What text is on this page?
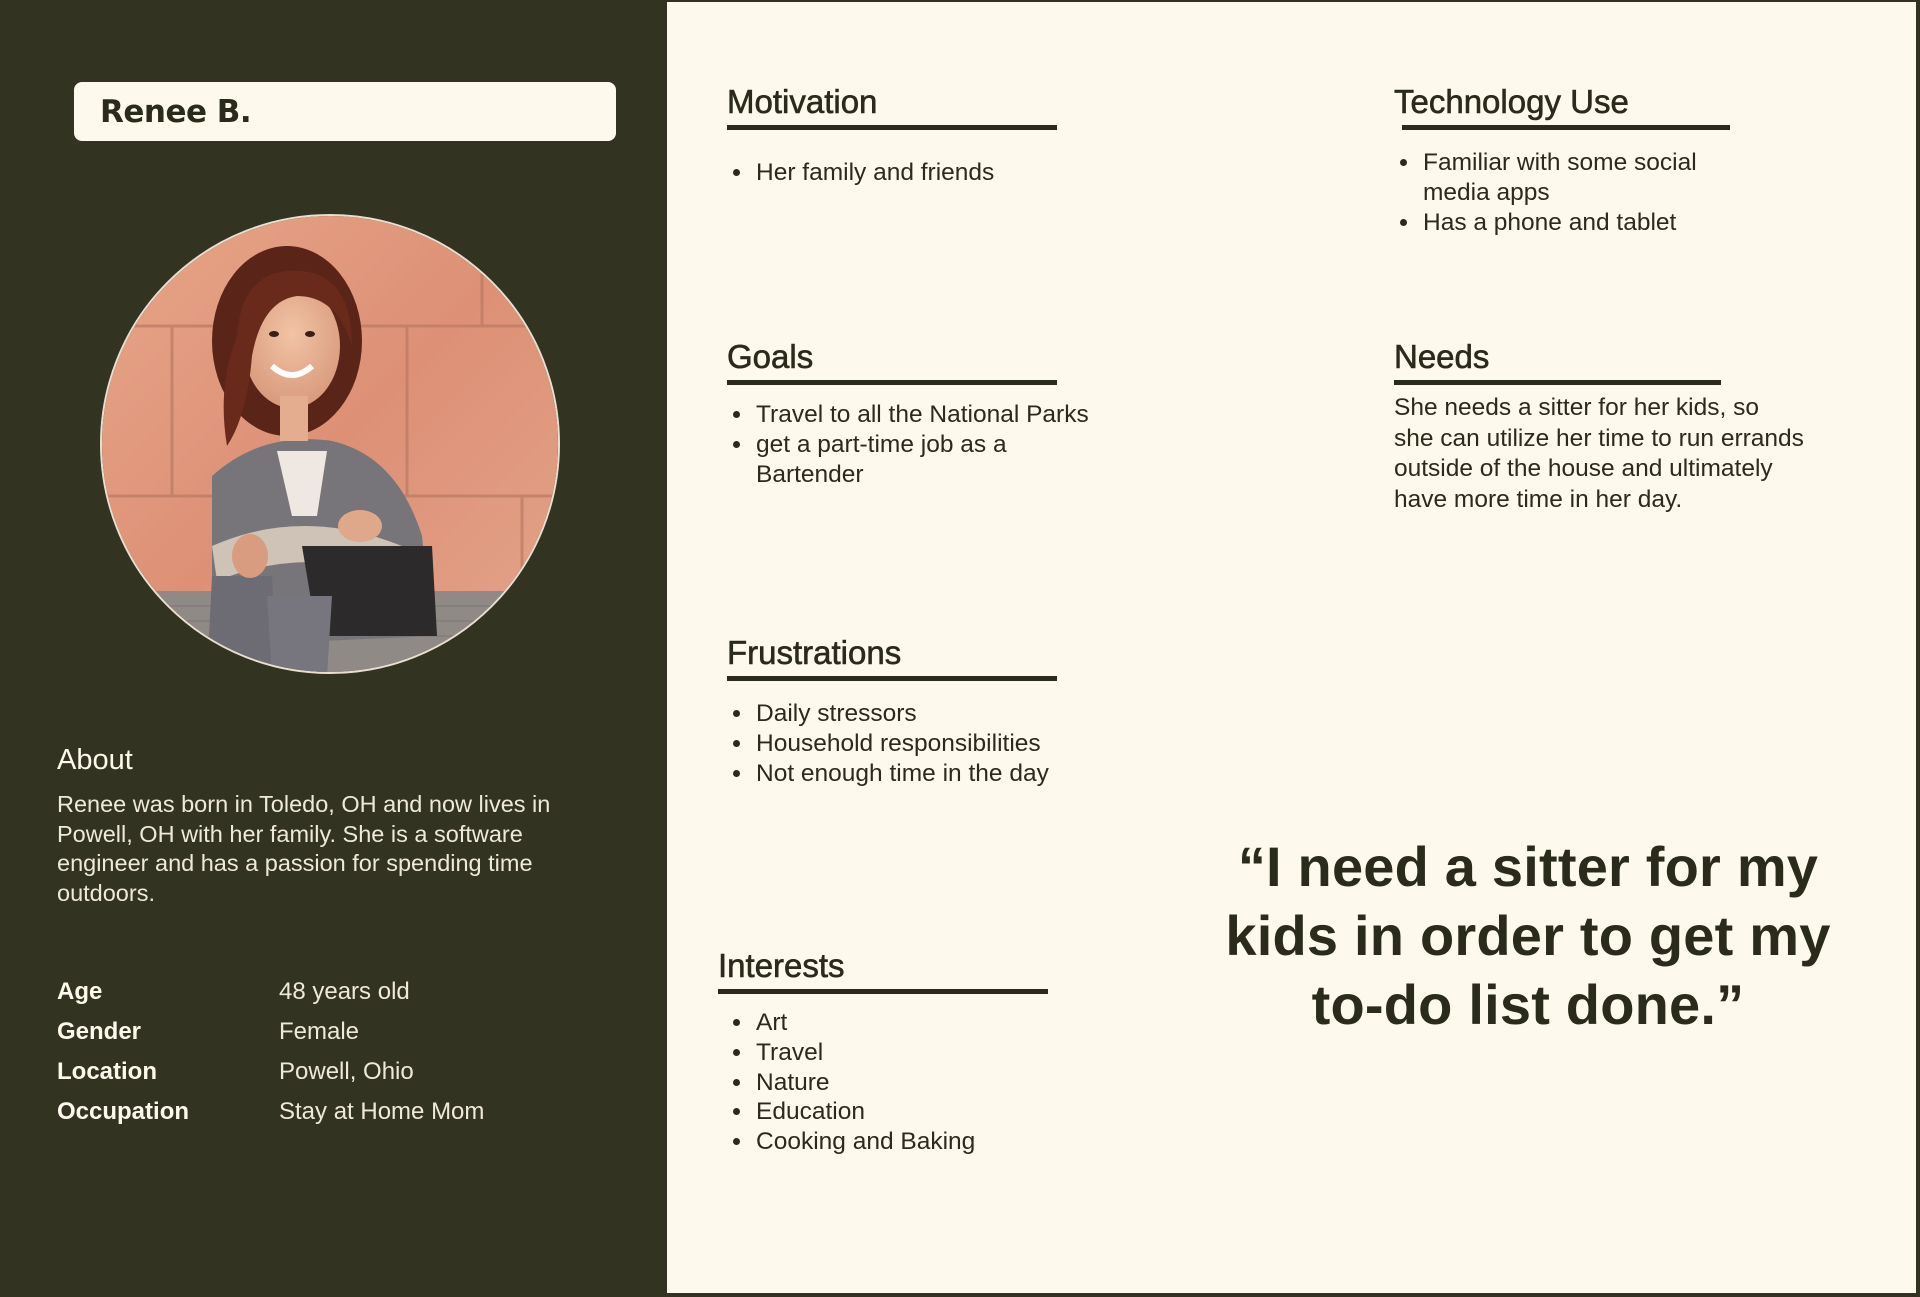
Renee B.
About

Renee was born in Toledo, OH and now lives in Powell, OH with her family. She is a software engineer and has a passion for spending time outdoors.

Age	48 years old
Gender	Female
Location	Powell, Ohio
Occupation	Stay at Home Mom
Motivation
• Her family and friends
Technology Use
• Familiar with some social media apps
• Has a phone and tablet
Goals
• Travel to all the National Parks
• get a part-time job as a Bartender
Needs

She needs a sitter for her kids, so she can utilize her time to run errands outside of the house and ultimately have more time in her day.

Frustrations
• Daily stressors
• Household responsibilities
• Not enough time in the day
Interests
• Art
• Travel
• Nature
• Education
• Cooking and Baking

“I need a sitter for my kids in order to get my to-do list done.”
